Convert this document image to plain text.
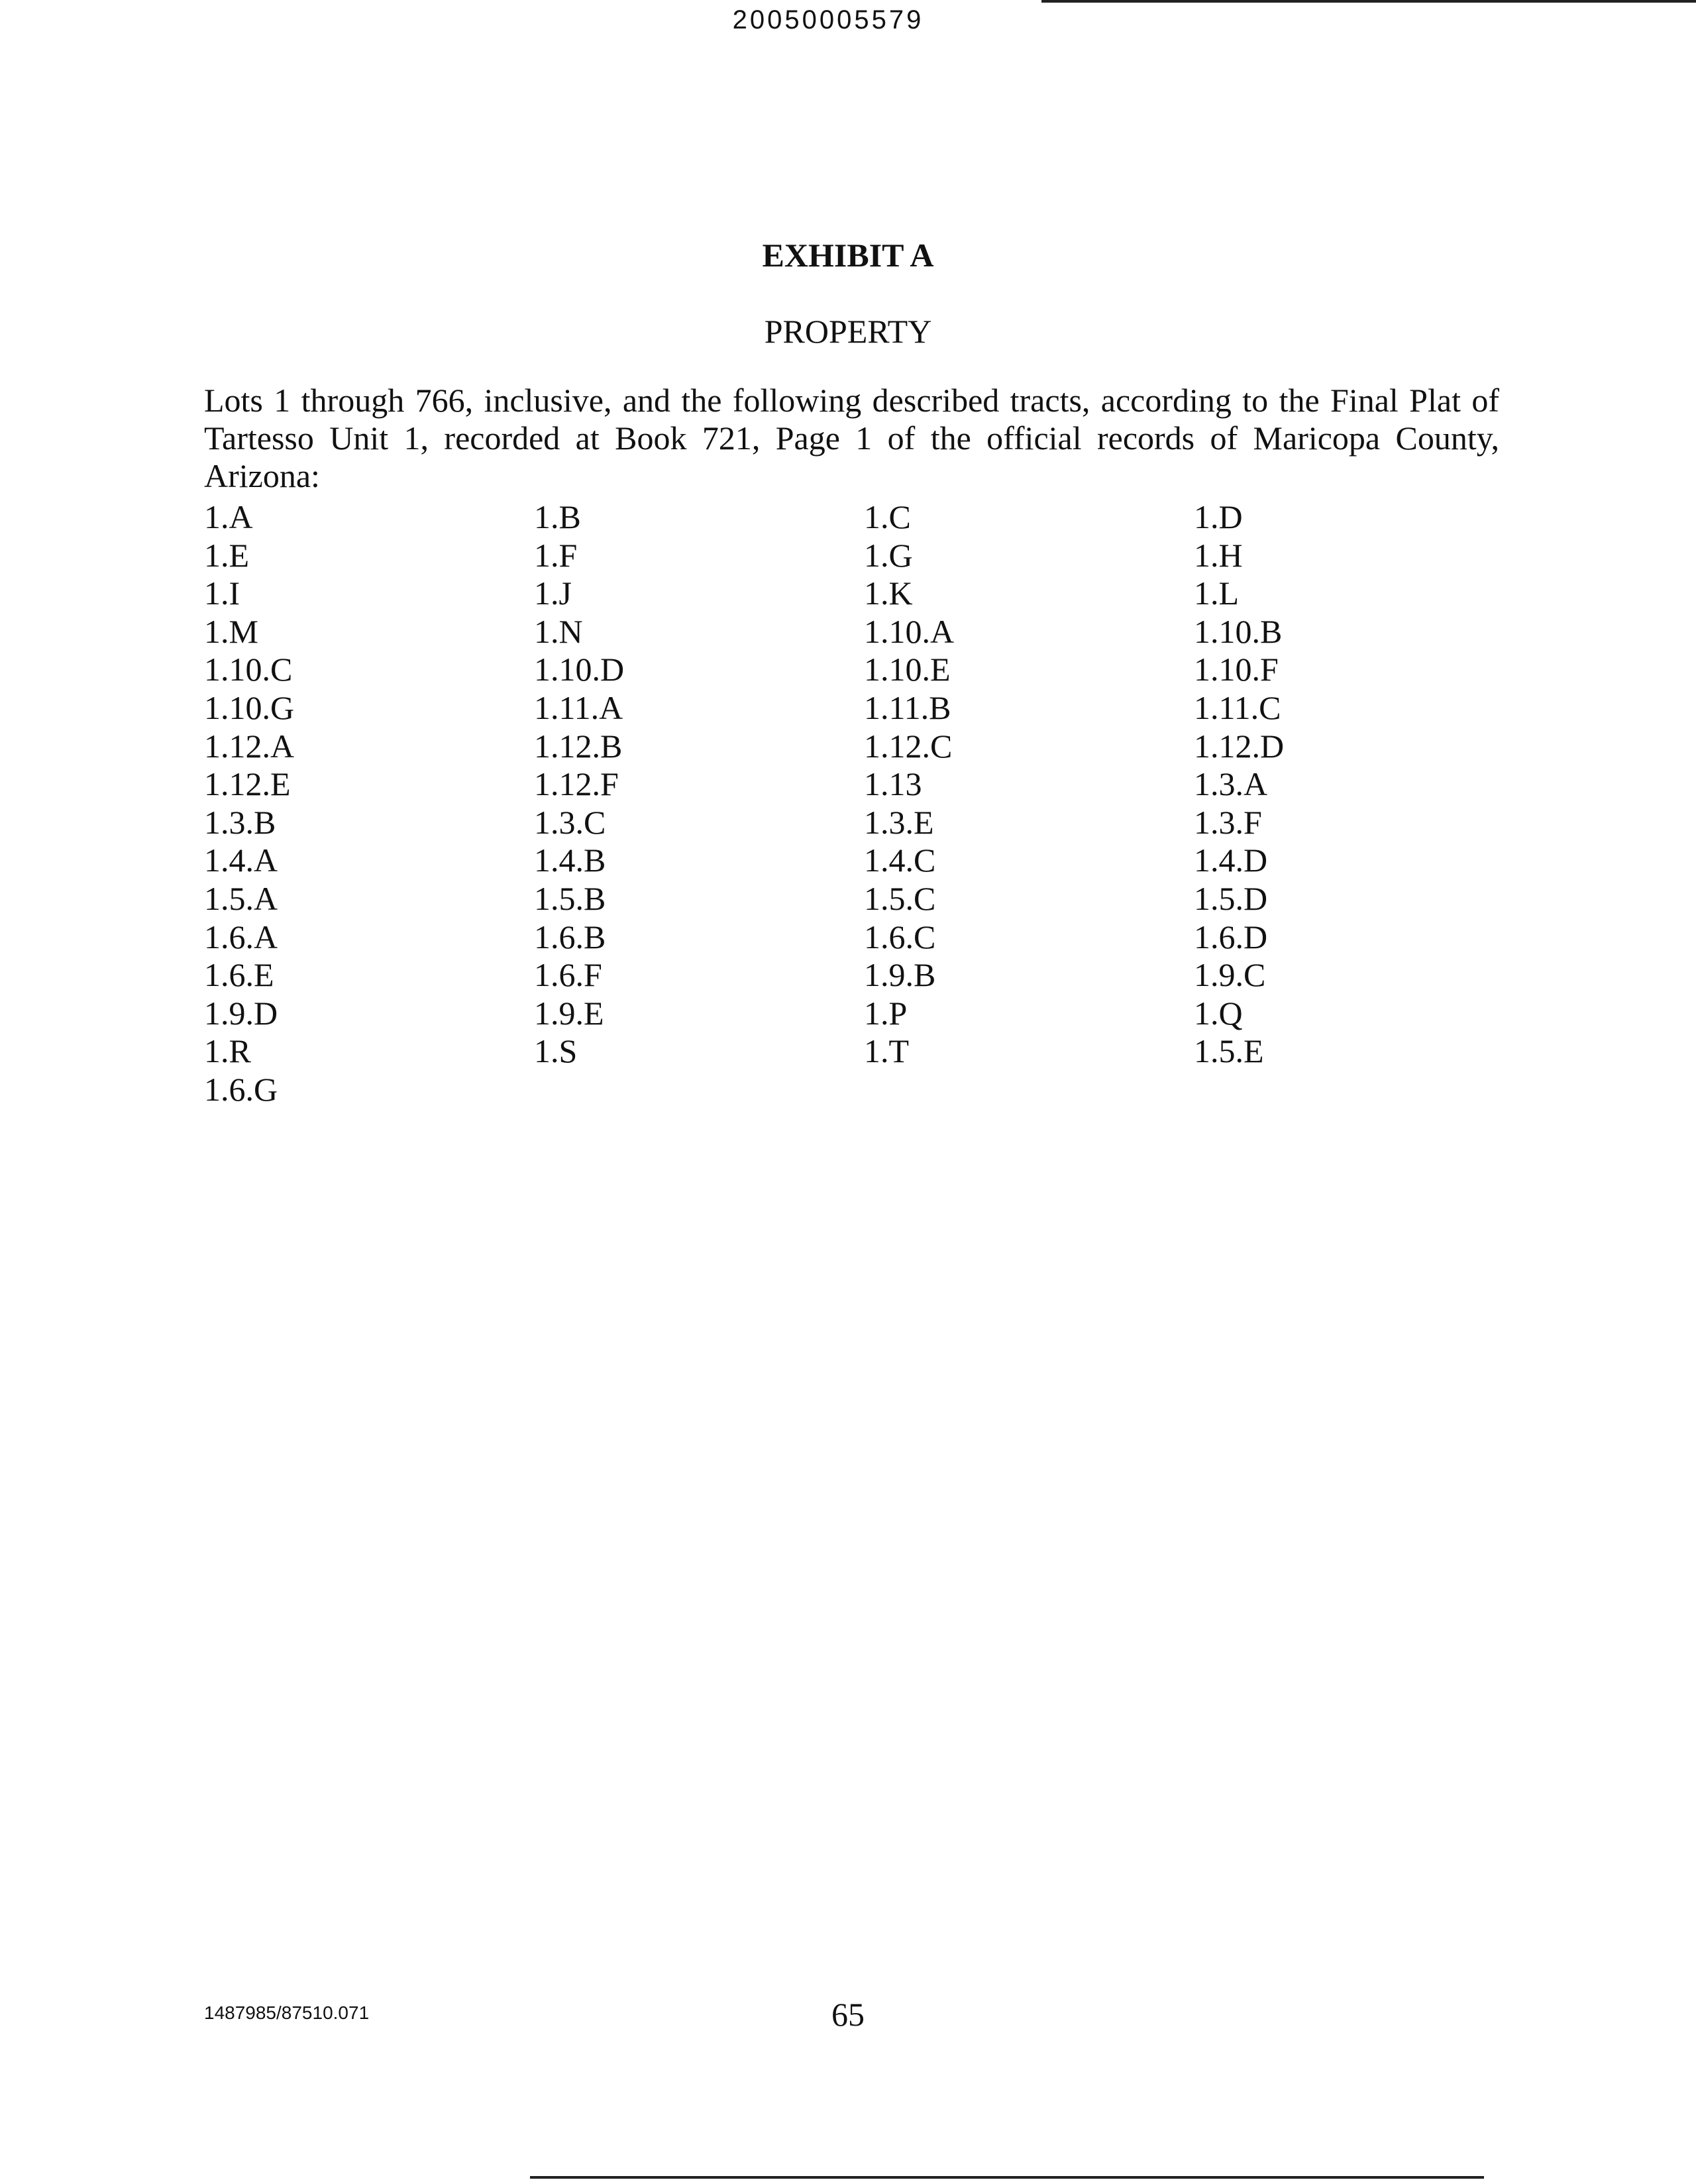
20050005579
EXHIBIT A
PROPERTY
Lots 1 through 766, inclusive, and the following described tracts, according to the Final Plat of
Tartesso Unit 1, recorded at Book 721, Page 1 of the official records of Maricopa County, Arizona:
1.A	1.B	1.C	1.D
1.E	1.F	1.G	1.H
1.I	1.J	1.K	1.L
1.M	1.N	1.10.A	1.10.B
1.10.C	1.10.D	1.10.E	1.10.F
1.10.G	1.11.A	1.11.B	1.11.C
1.12.A	1.12.B	1.12.C	1.12.D
1.12.E	1.12.F	1.13	1.3.A
1.3.B	1.3.C	1.3.E	1.3.F
1.4.A	1.4.B	1.4.C	1.4.D
1.5.A	1.5.B	1.5.C	1.5.D
1.6.A	1.6.B	1.6.C	1.6.D
1.6.E	1.6.F	1.9.B	1.9.C
1.9.D	1.9.E	1.P	1.Q
1.R	1.S	1.T	1.5.E
1.6.G
1487985/87510.071	65
